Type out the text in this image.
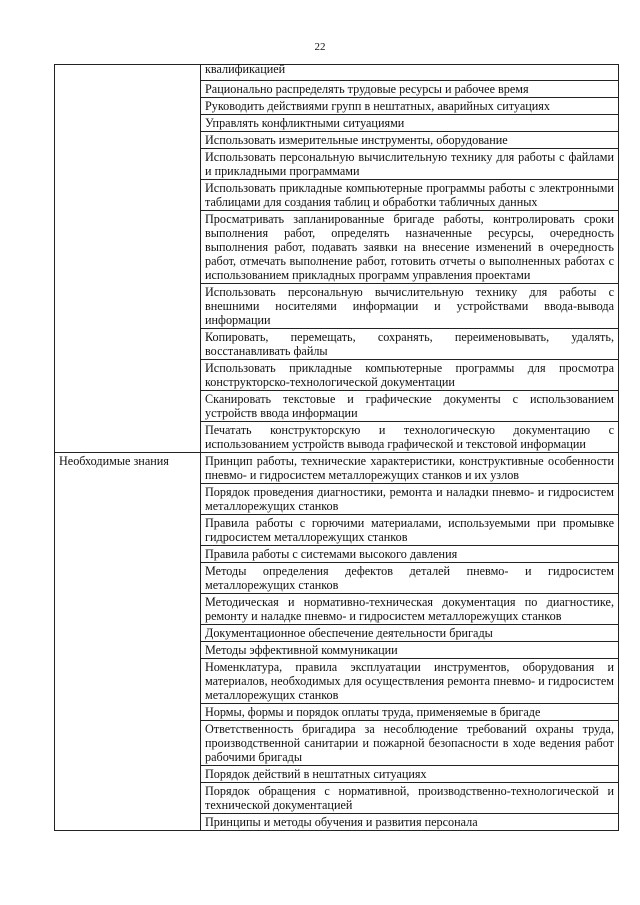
22

	квалификацией

	Рационально распределять трудовые ресурсы и рабочее время
	Руководить действиями групп в нештатных, аварийных ситуациях
	Управлять конфликтными ситуациями
	Использовать измерительные инструменты, оборудование
	Использовать персональную вычислительную технику для работы с файлами и прикладными программами
	Использовать прикладные компьютерные программы работы с электронными таблицами для создания таблиц и обработки табличных данных
	Просматривать запланированные бригаде работы, контролировать сроки выполнения работ, определять назначенные ресурсы, очередность выполнения работ, подавать заявки на внесение изменений в очередность работ, отмечать выполнение работ, готовить отчеты о выполненных работах с использованием прикладных программ управления проектами
	Использовать персональную вычислительную технику для работы с внешними носителями информации и устройствами ввода-вывода информации
	Копировать, перемещать, сохранять, переименовывать, удалять, восстанавливать файлы
	Использовать прикладные компьютерные программы для просмотра конструкторско-технологической документации
	Сканировать текстовые и графические документы с использованием устройств ввода информации
	Печатать конструкторскую и технологическую документацию с использованием устройств вывода графической и текстовой информации

Необходимые знания	Принцип работы, технические характеристики, конструктивные особенности пневмо- и гидросистем металлорежущих станков и их узлов
	Порядок проведения диагностики, ремонта и наладки пневмо- и гидросистем металлорежущих станков
	Правила работы с горючими материалами, используемыми при промывке гидросистем металлорежущих станков
	Правила работы с системами высокого давления
	Методы определения дефектов деталей пневмо- и гидросистем металлорежущих станков
	Методическая и нормативно-техническая документация по диагностике, ремонту и наладке пневмо- и гидросистем металлорежущих станков
	Документационное обеспечение деятельности бригады
	Методы эффективной коммуникации
	Номенклатура, правила эксплуатации инструментов, оборудования и материалов, необходимых для осуществления ремонта пневмо- и гидросистем металлорежущих станков
	Нормы, формы и порядок оплаты труда, применяемые в бригаде
	Ответственность бригадира за несоблюдение требований охраны труда, производственной санитарии и пожарной безопасности в ходе ведения работ рабочими бригады
	Порядок действий в нештатных ситуациях
	Порядок обращения с нормативной, производственно-технологической и технической документацией
	Принципы и методы обучения и развития персонала
